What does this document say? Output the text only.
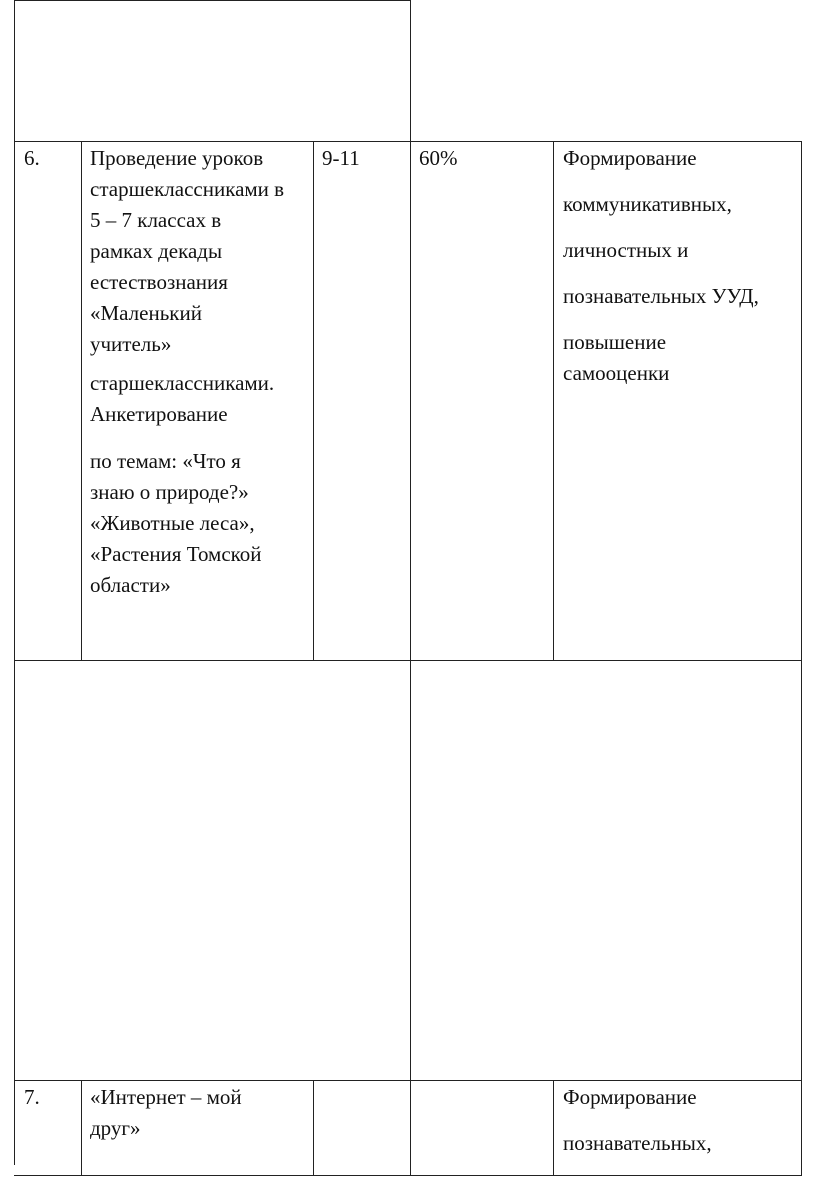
6. Проведение уроков
старшеклассниками в
5 – 7 классах в
рамках декады
естествознания
«Маленький
учитель»
старшеклассниками.
Анкетирование
по темам: «Что я
знаю о природе?»
«Животные леса»,
«Растения Томской
области»
9-11	60%	Формирование
коммуникативных,
личностных и
познавательных УУД,
повышение
самооценки
7. «Интернет – мой
друг»
Формирование
познавательных,
